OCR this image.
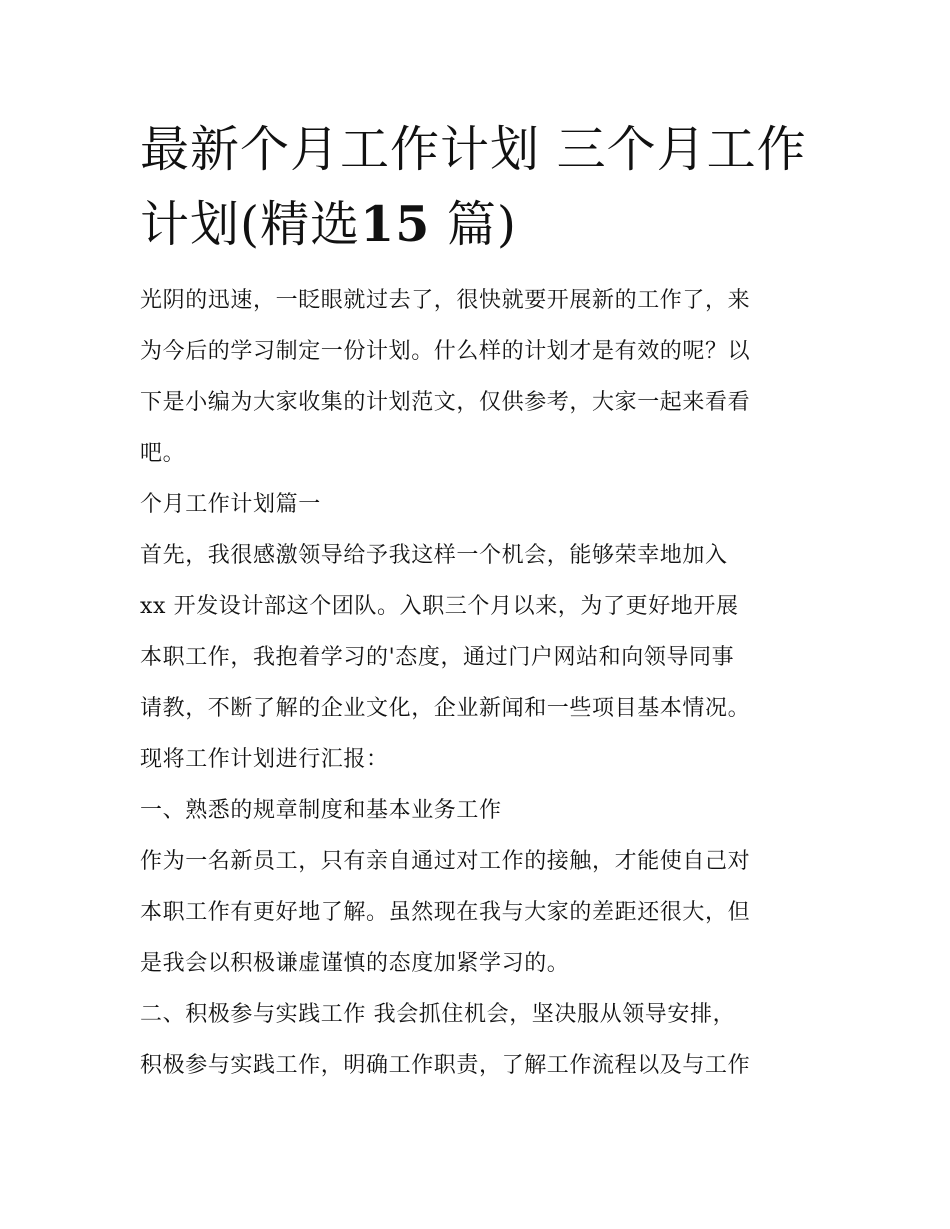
最新个月工作计划 三个月工作
计划(精选15 篇)
光阴的迅速，一眨眼就过去了，很快就要开展新的工作了，来
为今后的学习制定一份计划。什么样的计划才是有效的呢？以
下是小编为大家收集的计划范文，仅供参考，大家一起来看看
吧。
个月工作计划篇一
首先，我很感激领导给予我这样一个机会，能够荣幸地加入
xx 开发设计部这个团队。入职三个月以来，为了更好地开展
本职工作，我抱着学习的'态度，通过门户网站和向领导同事
请教，不断了解的企业文化，企业新闻和一些项目基本情况。
现将工作计划进行汇报：
一、熟悉的规章制度和基本业务工作
作为一名新员工，只有亲自通过对工作的接触，才能使自己对
本职工作有更好地了解。虽然现在我与大家的差距还很大，但
是我会以积极谦虚谨慎的态度加紧学习的。
二、积极参与实践工作 我会抓住机会，坚决服从领导安排，
积极参与实践工作，明确工作职责，了解工作流程以及与工作
